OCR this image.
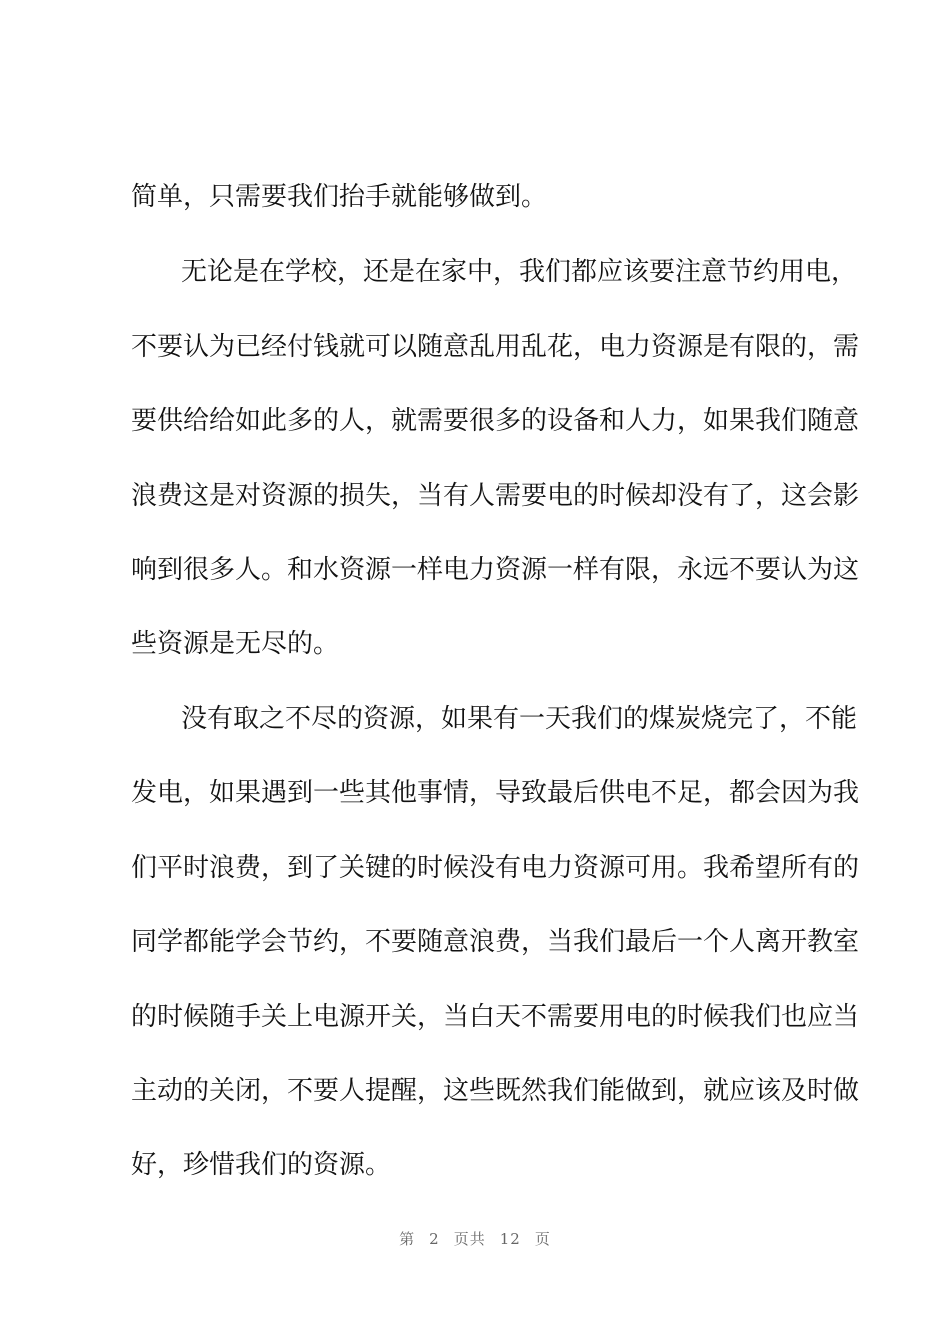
简单，只需要我们抬手就能够做到。
无论是在学校，还是在家中，我们都应该要注意节约用电，
不要认为已经付钱就可以随意乱用乱花，电力资源是有限的，需
要供给给如此多的人，就需要很多的设备和人力，如果我们随意
浪费这是对资源的损失，当有人需要电的时候却没有了，这会影
响到很多人。和水资源一样电力资源一样有限，永远不要认为这
些资源是无尽的。
没有取之不尽的资源，如果有一天我们的煤炭烧完了，不能
发电，如果遇到一些其他事情，导致最后供电不足，都会因为我
们平时浪费，到了关键的时候没有电力资源可用。我希望所有的
同学都能学会节约，不要随意浪费，当我们最后一个人离开教室
的时候随手关上电源开关，当白天不需要用电的时候我们也应当
主动的关闭，不要人提醒，这些既然我们能做到，就应该及时做
好，珍惜我们的资源。
第 2 页共 12 页
